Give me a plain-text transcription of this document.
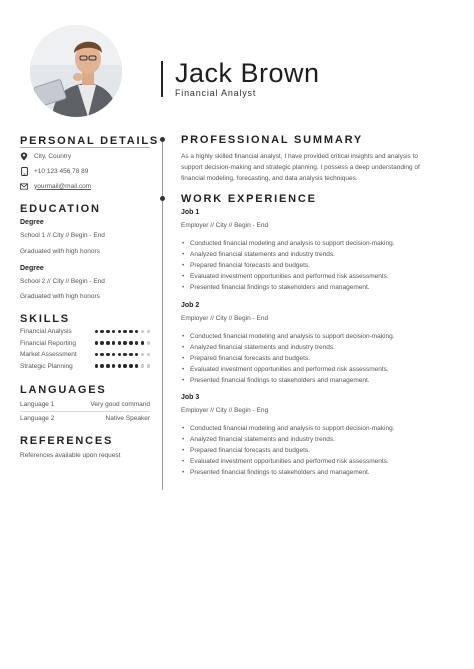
Jack Brown
Financial Analyst
PERSONAL DETAILS
City, Country
+10 123 456 78 89
yourmail@mail.com
EDUCATION
Degree
School 1 // City // Begin - End
Graduated with high honors
Degree
School 2 // City // Begin - End
Graduated with high honors
SKILLS
Financial Analysis
Financial Reporting
Market Assessment
Strategic Planning
LANGUAGES
Language 1	Very good command
Language 2	Native Speaker
REFERENCES
References available upon request
PROFESSIONAL SUMMARY
As a highly skilled financial analyst, I have provided critical insights and analysis to
support decision-making and strategic planning. I possess a deep understanding of
financial modeling, forecasting, and data analysis techniques.
WORK EXPERIENCE
Job 1
Employer // City // Begin - End
• Conducted financial modeling and analysis to support decision-making.
• Analyzed financial statements and industry trends.
• Prepared financial forecasts and budgets.
• Evaluated investment opportunities and performed risk assessments.
• Presented financial findings to stakeholders and management.
Job 2
Employer // City // Begin - End
• Conducted financial modeling and analysis to support decision-making.
• Analyzed financial statements and industry trends.
• Prepared financial forecasts and budgets.
• Evaluated investment opportunities and performed risk assessments.
• Presented financial findings to stakeholders and management.
Job 3
Employer // City // Begin - Eng
• Conducted financial modeling and analysis to support decision-making.
• Analyzed financial statements and industry trends.
• Prepared financial forecasts and budgets.
• Evaluated investment opportunities and performed risk assessments.
• Presented financial findings to stakeholders and management.
